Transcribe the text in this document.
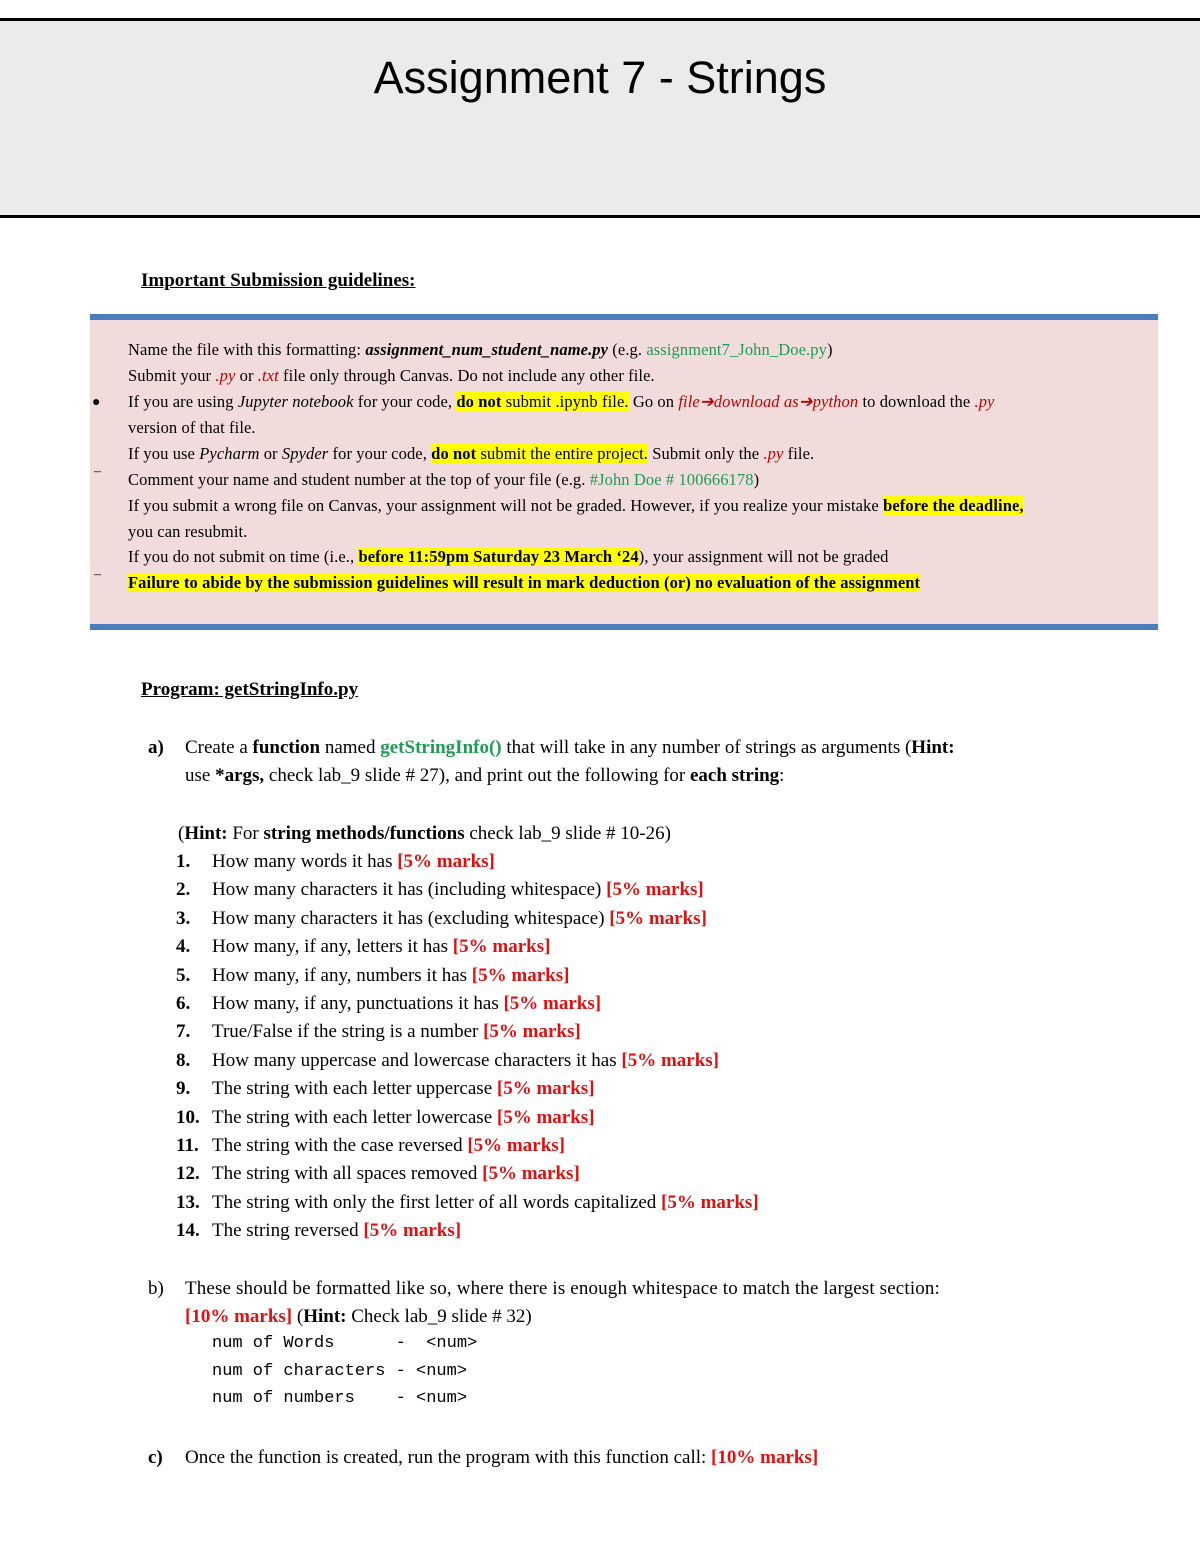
Assignment 7 - Strings
Important Submission guidelines:
Name the file with this formatting: assignment_num_student_name.py (e.g. assignment7_John_Doe.py)
Submit your .py or .txt file only through Canvas. Do not include any other file.
● If you are using Jupyter notebook for your code, do not submit .ipynb file. Go on file➔download as➔python to download the .py
version of that file.
If you use Pycharm or Spyder for your code, do not submit the entire project. Submit only the .py file.
– Comment your name and student number at the top of your file (e.g. #John Doe # 100666178)
If you submit a wrong file on Canvas, your assignment will not be graded. However, if you realize your mistake before the deadline,
you can resubmit.
If you do not submit on time (i.e., before 11:59pm Saturday 23 March ‘24), your assignment will not be graded
– Failure to abide by the submission guidelines will result in mark deduction (or) no evaluation of the assignment
Program: getStringInfo.py
a) Create a function named getStringInfo() that will take in any number of strings as arguments (Hint:
use *args, check lab_9 slide # 27), and print out the following for each string:
(Hint: For string methods/functions check lab_9 slide # 10-26)
1. How many words it has [5% marks]
2. How many characters it has (including whitespace) [5% marks]
3. How many characters it has (excluding whitespace) [5% marks]
4. How many, if any, letters it has [5% marks]
5. How many, if any, numbers it has [5% marks]
6. How many, if any, punctuations it has [5% marks]
7. True/False if the string is a number [5% marks]
8. How many uppercase and lowercase characters it has [5% marks]
9. The string with each letter uppercase [5% marks]
10. The string with each letter lowercase [5% marks]
11. The string with the case reversed [5% marks]
12. The string with all spaces removed [5% marks]
13. The string with only the first letter of all words capitalized [5% marks]
14. The string reversed [5% marks]
b) These should be formatted like so, where there is enough whitespace to match the largest section:
[10% marks] (Hint: Check lab_9 slide # 32)
num of Words      -  <num>
num of characters - <num>
num of numbers    - <num>
c) Once the function is created, run the program with this function call: [10% marks]
